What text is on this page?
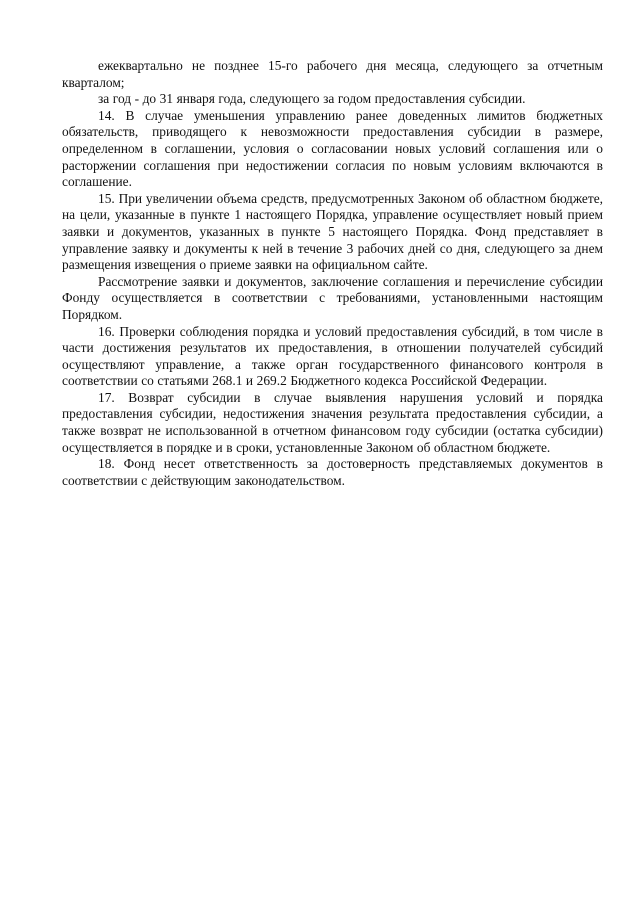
ежеквартально не позднее 15-го рабочего дня месяца, следующего за отчетным кварталом;

за год - до 31 января года, следующего за годом предоставления субсидии.

14. В случае уменьшения управлению ранее доведенных лимитов бюджетных обязательств, приводящего к невозможности предоставления субсидии в размере, определенном в соглашении, условия о согласовании новых условий соглашения или о расторжении соглашения при недостижении согласия по новым условиям включаются в соглашение.

15. При увеличении объема средств, предусмотренных Законом об областном бюджете, на цели, указанные в пункте 1 настоящего Порядка, управление осуществляет новый прием заявки и документов, указанных в пункте 5 настоящего Порядка. Фонд представляет в управление заявку и документы к ней в течение 3 рабочих дней со дня, следующего за днем размещения извещения о приеме заявки на официальном сайте.

Рассмотрение заявки и документов, заключение соглашения и перечисление субсидии Фонду осуществляется в соответствии с требованиями, установленными настоящим Порядком.

16. Проверки соблюдения порядка и условий предоставления субсидий, в том числе в части достижения результатов их предоставления, в отношении получателей субсидий осуществляют управление, а также орган государственного финансового контроля в соответствии со статьями 268.1 и 269.2 Бюджетного кодекса Российской Федерации.

17. Возврат субсидии в случае выявления нарушения условий и порядка предоставления субсидии, недостижения значения результата предоставления субсидии, а также возврат не использованной в отчетном финансовом году субсидии (остатка субсидии) осуществляется в порядке и в сроки, установленные Законом об областном бюджете.

18. Фонд несет ответственность за достоверность представляемых документов в соответствии с действующим законодательством.
